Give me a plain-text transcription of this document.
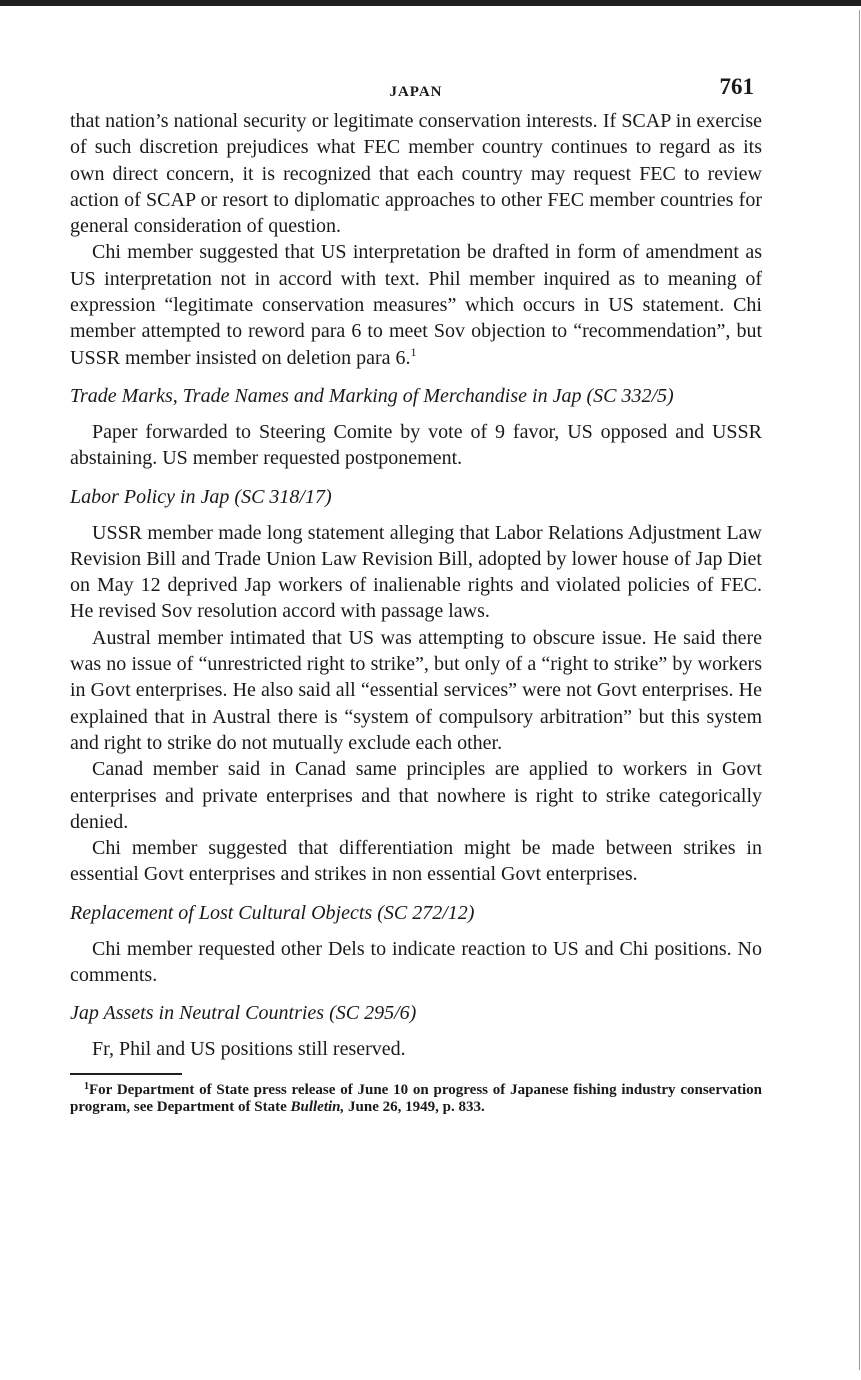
JAPAN	761

that nation’s national security or legitimate conservation interests. If SCAP in exercise of such discretion prejudices what FEC member country continues to regard as its own direct concern, it is recognized that each country may request FEC to review action of SCAP or resort to diplomatic approaches to other FEC member countries for general consideration of question.

Chi member suggested that US interpretation be drafted in form of amendment as US interpretation not in accord with text. Phil member inquired as to meaning of expression “legitimate conservation measures” which occurs in US statement. Chi member attempted to reword para 6 to meet Sov objection to “recommendation”, but USSR member insisted on deletion para 6.$^1$

Trade Marks, Trade Names and Marking of Merchandise in Jap (SC 332/5)

Paper forwarded to Steering Comite by vote of 9 favor, US opposed and USSR abstaining. US member requested postponement.

Labor Policy in Jap (SC 318/17)

USSR member made long statement alleging that Labor Relations Adjustment Law Revision Bill and Trade Union Law Revision Bill, adopted by lower house of Jap Diet on May 12 deprived Jap workers of inalienable rights and violated policies of FEC. He revised Sov resolution accord with passage laws.

Austral member intimated that US was attempting to obscure issue. He said there was no issue of “unrestricted right to strike”, but only of a “right to strike” by workers in Govt enterprises. He also said all “essential services” were not Govt enterprises. He explained that in Austral there is “system of compulsory arbitration” but this system and right to strike do not mutually exclude each other.

Canad member said in Canad same principles are applied to workers in Govt enterprises and private enterprises and that nowhere is right to strike categorically denied.

Chi member suggested that differentiation might be made between strikes in essential Govt enterprises and strikes in non essential Govt enterprises.

Replacement of Lost Cultural Objects (SC 272/12)

Chi member requested other Dels to indicate reaction to US and Chi positions. No comments.

Jap Assets in Neutral Countries (SC 295/6)

Fr, Phil and US positions still reserved.

$^1$For Department of State press release of June 10 on progress of Japanese fishing industry conservation program, see Department of State Bulletin, June 26, 1949, p. 833.
